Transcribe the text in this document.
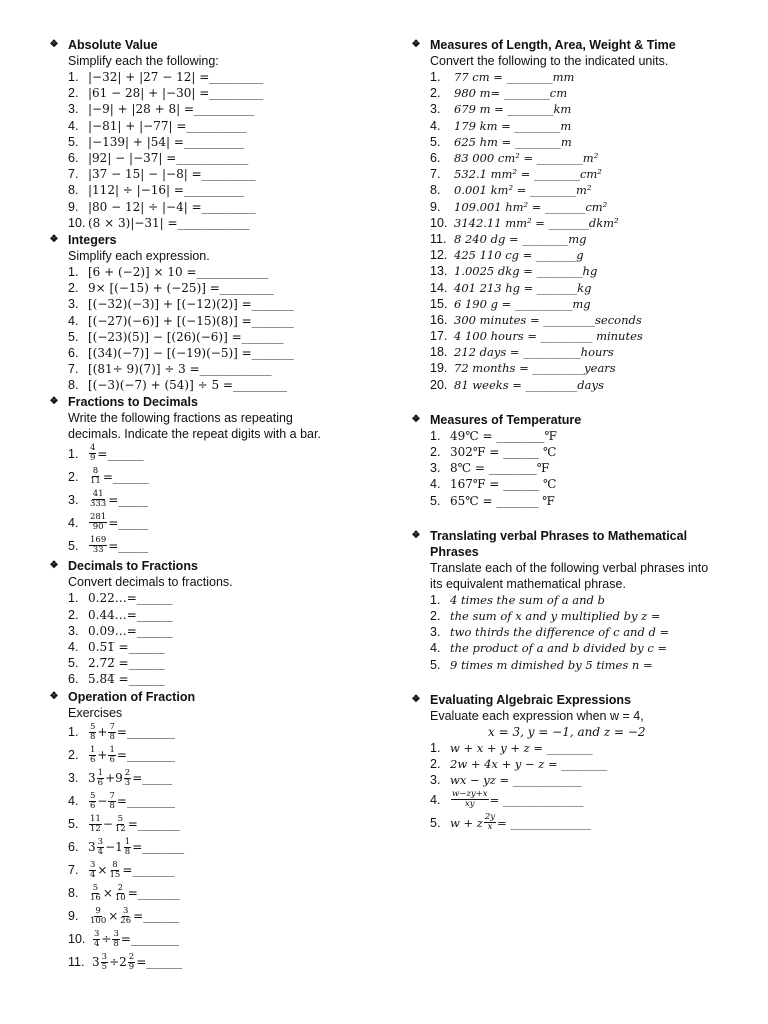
❖ Absolute Value
Simplify each the following:
1. |−32| + |27 − 12| =_________
2. |61 − 28| + |−30| =_________
3. |−9| + |28 + 8| =__________
4. |−81| + |−77| =__________
5. |−139| + |54| =__________
6. |92| − |−37| =____________
7. |37 − 15| − |−8| =_________
8. |112| ÷ |−16| =__________
9. |80 − 12| ÷ |−4| =_________
10. (8 × 3)|−31| =____________
❖ Integers
Simplify each expression.
1. [6 + (−2)] × 10 =____________
2. 9× [(−15) + (−25)] =_________
3. [(−32)(−3)] + [(−12)(2)] =_______
4. [(−27)(−6)] + [(−15)(8)] =_______
5. [(−23)(5)] − [(26)(−6)] =_______
6. [(34)(−7)] − [(−19)(−5)] =_______
7. [(81÷ 9)(7)] ÷ 3 =____________
8. [(−3)(−7) + (54)] ÷ 5 =_________
❖ Fractions to Decimals
Write the following fractions as repeating decimals. Indicate the repeat digits with a bar.
1.	$\frac{4}{9}$ =______
2.	$\frac{8}{11}$ =______
3.	$\frac{41}{333}$ =_____
4.	$\frac{281}{90}$ =_____
5.	$\frac{169}{33}$ =_____
❖ Decimals to Fractions
Convert decimals to fractions.
1. 0.22…=______
2. 0.44…=______
3. 0.09…=______
4. 0.5̅1̅ =______
5. 2.7̅2̅ =______
6. 5.8̅4̅ =______
❖ Operation of Fraction
Exercises
1.	$\frac{5}{8} + \frac{7}{8}$ =________
2.	$\frac{1}{6} + \frac{1}{6}$ =________
3. $3 \frac{1}{6} + 9 \frac{2}{3}$ =_____
4.	$\frac{5}{6} - \frac{7}{8}$ =________
5.	$\frac{11}{12} - \frac{5}{12}$ =_______
6. $3 \frac{3}{4} - 1 \frac{1}{8}$ =_______
7.	$\frac{3}{4} \times \frac{8}{15}$ =_______
8.	$\frac{5}{16} \times \frac{2}{10}$ =_______
9.	$\frac{9}{100} \times \frac{3}{26}$ =______
10. $\frac{3}{4} \div \frac{3}{8}$ =________
11. $3 \frac{3}{5} \div 2 \frac{2}{9}$ =______
❖ Measures of Length, Area, Weight & Time
Convert the following to the indicated units.
1.	77 cm = ________mm
2.	980 m= ________cm
3.	679 m = ________km
4.	179 km = ________m
5.	625 hm = ________m
6.	83 000 cm² = ________m²
7.	532.1 mm² = ________cm²
8.	0.001 km² = ________m²
9.	109.001 hm² = _______cm²
10. 3142.11 mm² = _______dkm²
11. 8 240 dg = ________mg
12. 425 110 cg = _______g
13. 1.0025 dkg = ________hg
14. 401 213 hg = _______kg
15. 6 190 g = __________mg
16. 300 minutes = _________seconds
17. 4 100 hours = _________ minutes
18. 212 days = __________hours
19. 72 months = _________years
20. 81 weeks = _________days
❖ Measures of Temperature
1. 49℃ = ________℉
2. 302℉ = ______ ℃
3. 8℃ = ________℉
4. 167℉ = ______ ℃
5. 65℃ = _______ ℉
❖ Translating verbal Phrases to Mathematical Phrases
Translate each of the following verbal phrases into its equivalent mathematical phrase.
1. 4 times the sum of a and b
2. the sum of x and y multiplied by z =
3. two thirds the difference of c and d =
4. the product of a and b divided by c =
5. 9 times m dimished by 5 times n =
❖ Evaluating Algebraic Expressions
Evaluate each expression when w = 4,
x = 3, y = −1, and z = −2
1. w + x + y + z = ________
2. 2w + 4x + y − z = ________
3. wx − yz = ____________
4.	$\frac{w-zy+x}{xy}$ = ______________
5. w + z $\frac{2y}{x}$ = ______________
